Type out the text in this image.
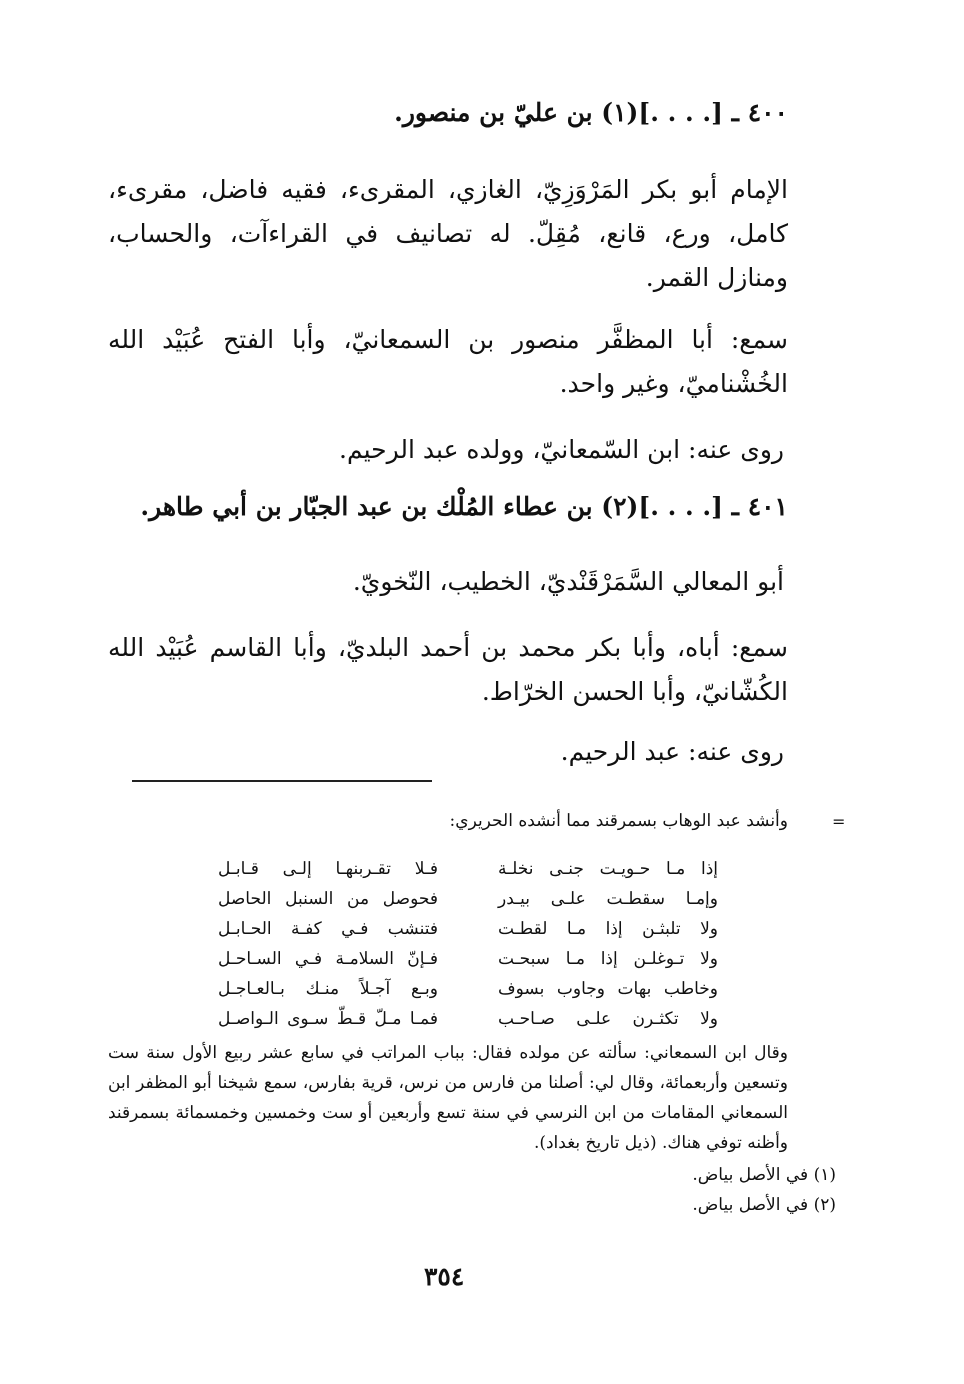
٤٠٠ ـ [. . . .](١) بن عليّ بن منصور.
الإمام أبو بكر المَرْوَزِيّ، الغازي، المقرىء، فقيه فاضل، مقرىء، كامل، ورع، قانع، مُقِلّ. له تصانيف في القراءآت، والحساب، ومنازل القمر.
سمع: أبا المظفَّر منصور بن السمعانيّ، وأبا الفتح عُبَيْد الله الخُشْناميّ، وغير واحد.
روى عنه: ابن السّمعانيّ، وولده عبد الرحيم.
٤٠١ ـ [. . . .](٢) بن عطاء المُلْك بن عبد الجبّار بن أبي طاهر.
أبو المعالي السَّمَرْقَنْديّ، الخطيب، النّخويّ.
سمع: أباه، وأبا بكر محمد بن أحمد البلديّ، وأبا القاسم عُبَيْد الله الكُشّانيّ، وأبا الحسن الخرّاط.
روى عنه: عبد الرحيم.
=
وأنشد عبد الوهاب بسمرقند مما أنشده الحريري:
إذا مـا حـويـت جنـى نخلـة
فـلا تقـربنهـا إلـى قـابـل
وإمـا سقطـت علـى بيـدر
فحوصل من السنبل الحاصل
ولا تلبثـن إذا مـا لقطـت
فتنشب فـي كفـة الحـابـل
ولا تـوغلـن إذا مـا سبحـت
فـإنّ السلامـة فـي السـاحـل
وخاطب بهات وجاوب بسوف
وبـع آجـلاً منـك بـالعـاجـل
ولا تكثـرن علـى صـاحـب
فمـا مـلّ قـطّ سـوى الـواصـل
وقال ابن السمعاني: سألته عن مولده فقال: بباب المراتب في سابع عشر ربيع الأول سنة ست وتسعين وأربعمائة، وقال لي: أصلنا من فارس من نرس، قرية بفارس، سمع شيخنا أبو المظفر ابن السمعاني المقامات من ابن النرسي في سنة تسع وأربعين أو ست وخمسين وخمسمائة بسمرقند وأظنه توفي هناك. (ذيل تاريخ بغداد).
(١) في الأصل بياض.
(٢) في الأصل بياض.
٣٥٤
